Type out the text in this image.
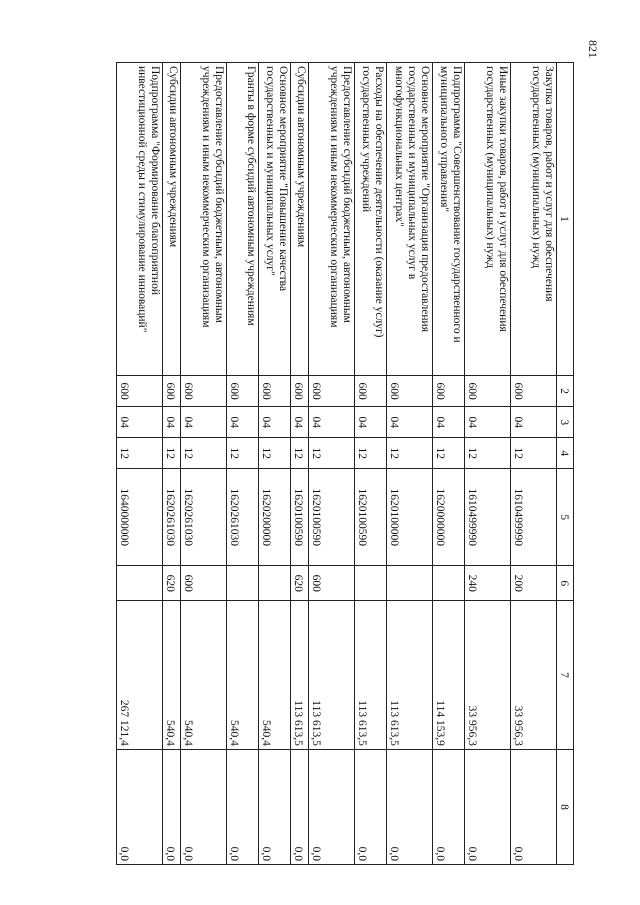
821
1	2	3	4	5	6	7	8
Закупка товаров, работ и услуг для обеспечения государственных (муниципальных) нужд	600	04	12	1610499990	200	33 956,3	0,0
Иные закупки товаров, работ и услуг для обеспечения государственных (муниципальных) нужд	600	04	12	1610499990	240	33 956,3	0,0
Подпрограмма "Совершенствование государственного и муниципального управления"	600	04	12	1620000000		114 153,9	0,0
Основное мероприятие "Организация предоставления государственных и муниципальных услуг в многофункциональных центрах"	600	04	12	1620100000		113 613,5	0,0
Расходы на обеспечение деятельности (оказание услуг) государственных учреждений	600	04	12	1620100590		113 613,5	0,0
Предоставление субсидий бюджетным, автономным учреждениям и иным некоммерческим организациям	600	04	12	1620100590	600	113 613,5	0,0
Субсидии автономным учреждениям	600	04	12	1620100590	620	113 613,5	0,0
Основное мероприятие "Повышение качества государственных и муниципальных услуг"	600	04	12	1620200000		540,4	0,0
Гранты в форме субсидий автономным учреждениям	600	04	12	1620261030		540,4	0,0
Предоставление субсидий бюджетным, автономным учреждениям и иным некоммерческим организациям	600	04	12	1620261030	600	540,4	0,0
Субсидии автономным учреждениям	600	04	12	1620261030	620	540,4	0,0
Подпрограмма "Формирование благоприятной инвестиционной среды и стимулирование инноваций"	600	04	12	1640000000		267 121,4	0,0
